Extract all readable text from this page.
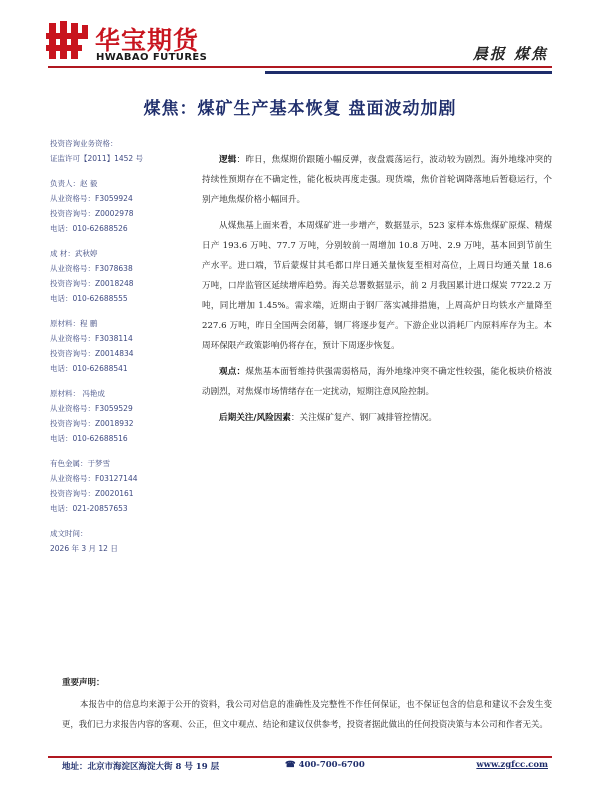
华宝期货
HWABAO FUTURES	晨报 煤焦
煤焦：煤矿生产基本恢复 盘面波动加剧
投资咨询业务资格：
证监许可【2011】1452 号
负责人：赵 毅
从业资格号：F3059924
投资咨询号：Z0002978
电话：010-62688526
成 材：武秋婷
从业资格号：F3078638
投资咨询号：Z0018248
电话：010-62688555
原材料：程 鹏
从业资格号：F3038114
投资咨询号：Z0014834
电话：010-62688541
原材料： 冯艳成
从业资格号：F3059529
投资咨询号：Z0018932
电话：010-62688516
有色金属：于梦雪
从业资格号：F03127144
投资咨询号：Z0020161
电话：021-20857653
成文时间：
2026 年 3 月 12 日

逻辑：昨日，焦煤期价跟随小幅反弹，夜盘震荡运行，波动较为剧烈。海外地缘冲突的持续性预期存在不确定性，能化板块再度走强。现货端，焦价首轮调降落地后暂稳运行，个别产地焦煤价格小幅回升。

从煤焦基上面来看，本周煤矿进一步增产，数据显示，523 家样本炼焦煤矿原煤、精煤日产 193.6 万吨、77.7 万吨，分别较前一周增加 10.8 万吨、2.9 万吨，基本回到节前生产水平。进口端，节后蒙煤甘其毛都口岸日通关量恢复至相对高位，上周日均通关量 18.6 万吨，口岸监管区延续增库趋势。海关总署数据显示，前 2 月我国累计进口煤炭 7722.2 万吨，同比增加 1.45%。需求端，近期由于钢厂落实减排措施，上周高炉日均铁水产量降至 227.6 万吨，昨日全国两会闭幕，钢厂将逐步复产。下游企业以消耗厂内原料库存为主。本周环保限产政策影响仍将存在，预计下周逐步恢复。

观点：煤焦基本面暂维持供强需弱格局，海外地缘冲突不确定性较强，能化板块价格波动剧烈，对焦煤市场情绪存在一定扰动，短期注意风险控制。

后期关注/风险因素：关注煤矿复产、钢厂减排管控情况。

重要声明：
本报告中的信息均来源于公开的资料，我公司对信息的准确性及完整性不作任何保证，也不保证包含的信息和建议不会发生变更，我们已力求报告内容的客观、公正，但文中观点、结论和建议仅供参考，投资者据此做出的任何投资决策与本公司和作者无关。
地址：北京市海淀区海淀大街 8 号 19 层	☎ 400-700-6700	www.zgfcc.com
